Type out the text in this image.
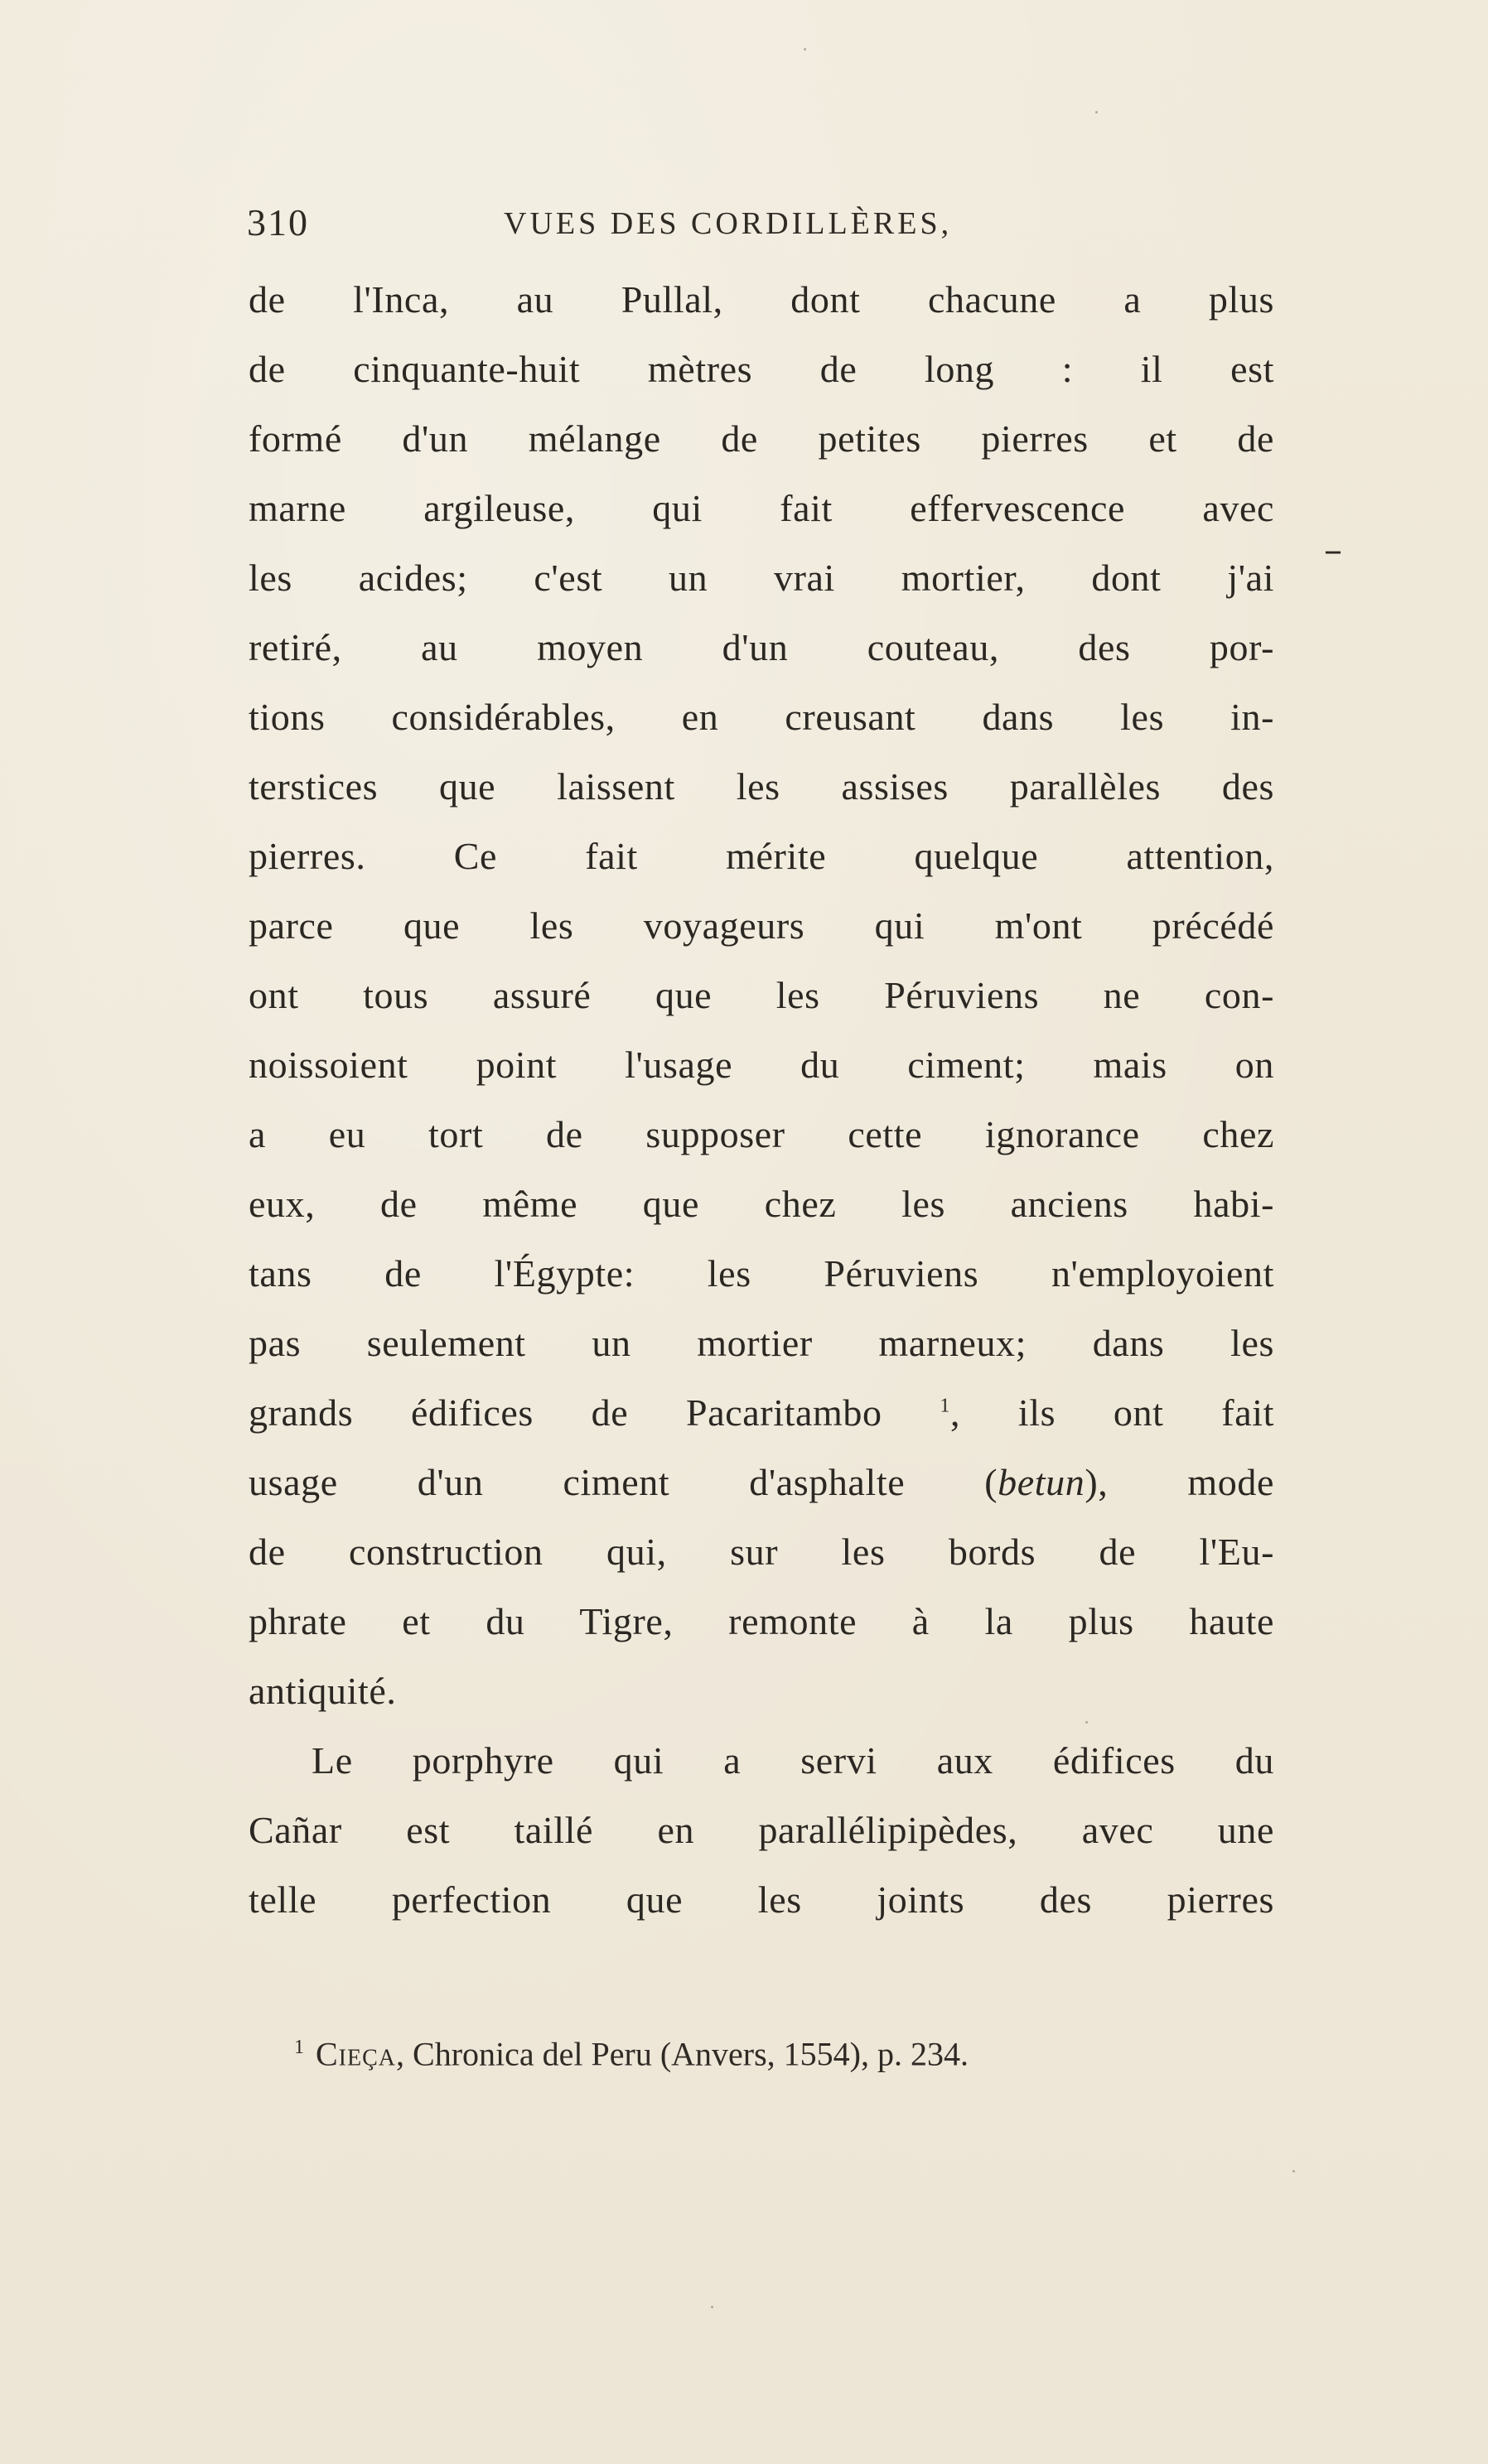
310	VUES DES CORDILLÈRES,
de l'Inca, au Pullal, dont chacune a plus
de cinquante-huit mètres de long : il est
formé d'un mélange de petites pierres et de
marne argileuse, qui fait effervescence avec
les acides; c'est un vrai mortier, dont j'ai
retiré, au moyen d'un couteau, des por-
tions considérables, en creusant dans les in-
terstices que laissent les assises parallèles des
pierres. Ce fait mérite quelque attention,
parce que les voyageurs qui m'ont précédé
ont tous assuré que les Péruviens ne con-
noissoient point l'usage du ciment; mais on
a eu tort de supposer cette ignorance chez
eux, de même que chez les anciens habi-
tans de l'Égypte: les Péruviens n'employoient
pas seulement un mortier marneux; dans les
grands édifices de Pacaritambo $^1$, ils ont fait
usage d'un ciment d'asphalte (betun), mode
de construction qui, sur les bords de l'Eu-
phrate et du Tigre, remonte à la plus haute
antiquité.
Le porphyre qui a servi aux édifices du
Cañar est taillé en parallélipipèdes, avec une
telle perfection que les joints des pierres
–
$^1$ Cieça, Chronica del Peru (Anvers, 1554), p. 234.
